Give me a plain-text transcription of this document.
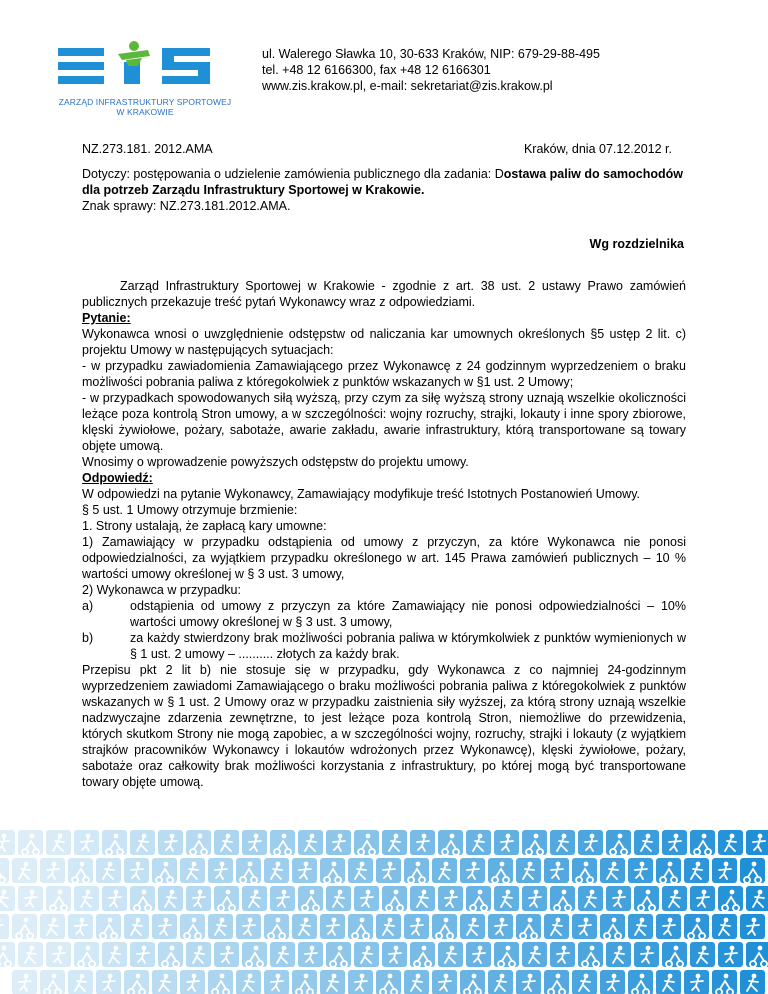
ZARZĄD INFRASTRUKTURY SPORTOWEJ
W KRAKOWIE
ul. Walerego Sławka 10, 30-633 Kraków, NIP: 679-29-88-495
tel. +48 12 6166300, fax +48 12 6166301
www.zis.krakow.pl, e-mail: sekretariat@zis.krakow.pl
NZ.273.181. 2012.AMA	Kraków, dnia 07.12.2012 r.
Dotyczy: postępowania o udzielenie zamówienia publicznego dla zadania: Dostawa paliw do samochodów dla potrzeb Zarządu Infrastruktury Sportowej w Krakowie.
Znak sprawy: NZ.273.181.2012.AMA.
Wg rozdzielnika

Zarząd Infrastruktury Sportowej w Krakowie - zgodnie z art. 38 ust. 2 ustawy Prawo zamówień publicznych przekazuje treść pytań Wykonawcy wraz z odpowiedziami.

Pytanie:

Wykonawca wnosi o uwzględnienie odstępstw od naliczania kar umownych określonych §5 ustęp 2 lit. c) projektu Umowy w następujących sytuacjach:

- w przypadku zawiadomienia Zamawiającego przez Wykonawcę z 24 godzinnym wyprzedzeniem o braku możliwości pobrania paliwa z któregokolwiek z punktów wskazanych w §1 ust. 2 Umowy;

- w przypadkach spowodowanych siłą wyższą, przy czym za siłę wyższą strony uznają wszelkie okoliczności leżące poza kontrolą Stron umowy, a w szczególności: wojny rozruchy, strajki, lokauty i inne spory zbiorowe, klęski żywiołowe, pożary, sabotaże, awarie zakładu, awarie infrastruktury, którą transportowane są towary objęte umową.

Wnosimy o wprowadzenie powyższych odstępstw do projektu umowy.

Odpowiedź:

W odpowiedzi na pytanie Wykonawcy, Zamawiający modyfikuje treść Istotnych Postanowień Umowy.

§ 5 ust. 1 Umowy otrzymuje brzmienie:

1. Strony ustalają, że zapłacą kary umowne:

1) Zamawiający w przypadku odstąpienia od umowy z przyczyn, za które Wykonawca nie ponosi odpowiedzialności, za wyjątkiem przypadku określonego w art. 145 Prawa zamówień publicznych – 10 % wartości umowy określonej w § 3 ust. 3 umowy,

2) Wykonawca w przypadku:

a)	odstąpienia od umowy z przyczyn za które Zamawiający nie ponosi odpowiedzialności – 10% wartości umowy określonej w § 3 ust. 3 umowy,
b)	za każdy stwierdzony brak możliwości pobrania paliwa w którymkolwiek z punktów wymienionych w § 1 ust. 2 umowy – .......... złotych za każdy brak.

Przepisu pkt 2 lit b) nie stosuje się w przypadku, gdy Wykonawca z co najmniej 24-godzinnym wyprzedzeniem zawiadomi Zamawiającego o braku możliwości pobrania paliwa z któregokolwiek z punktów wskazanych w § 1 ust. 2 Umowy oraz w przypadku zaistnienia siły wyższej, za którą strony uznają wszelkie nadzwyczajne zdarzenia zewnętrzne, to jest leżące poza kontrolą Stron, niemożliwe do przewidzenia, których skutkom Strony nie mogą zapobiec, a w szczególności wojny, rozruchy, strajki i lokauty (z wyjątkiem strajków pracowników Wykonawcy i lokautów wdrożonych przez Wykonawcę), klęski żywiołowe, pożary, sabotaże oraz całkowity brak możliwości korzystania z infrastruktury, po której mogą być transportowane towary objęte umową.
